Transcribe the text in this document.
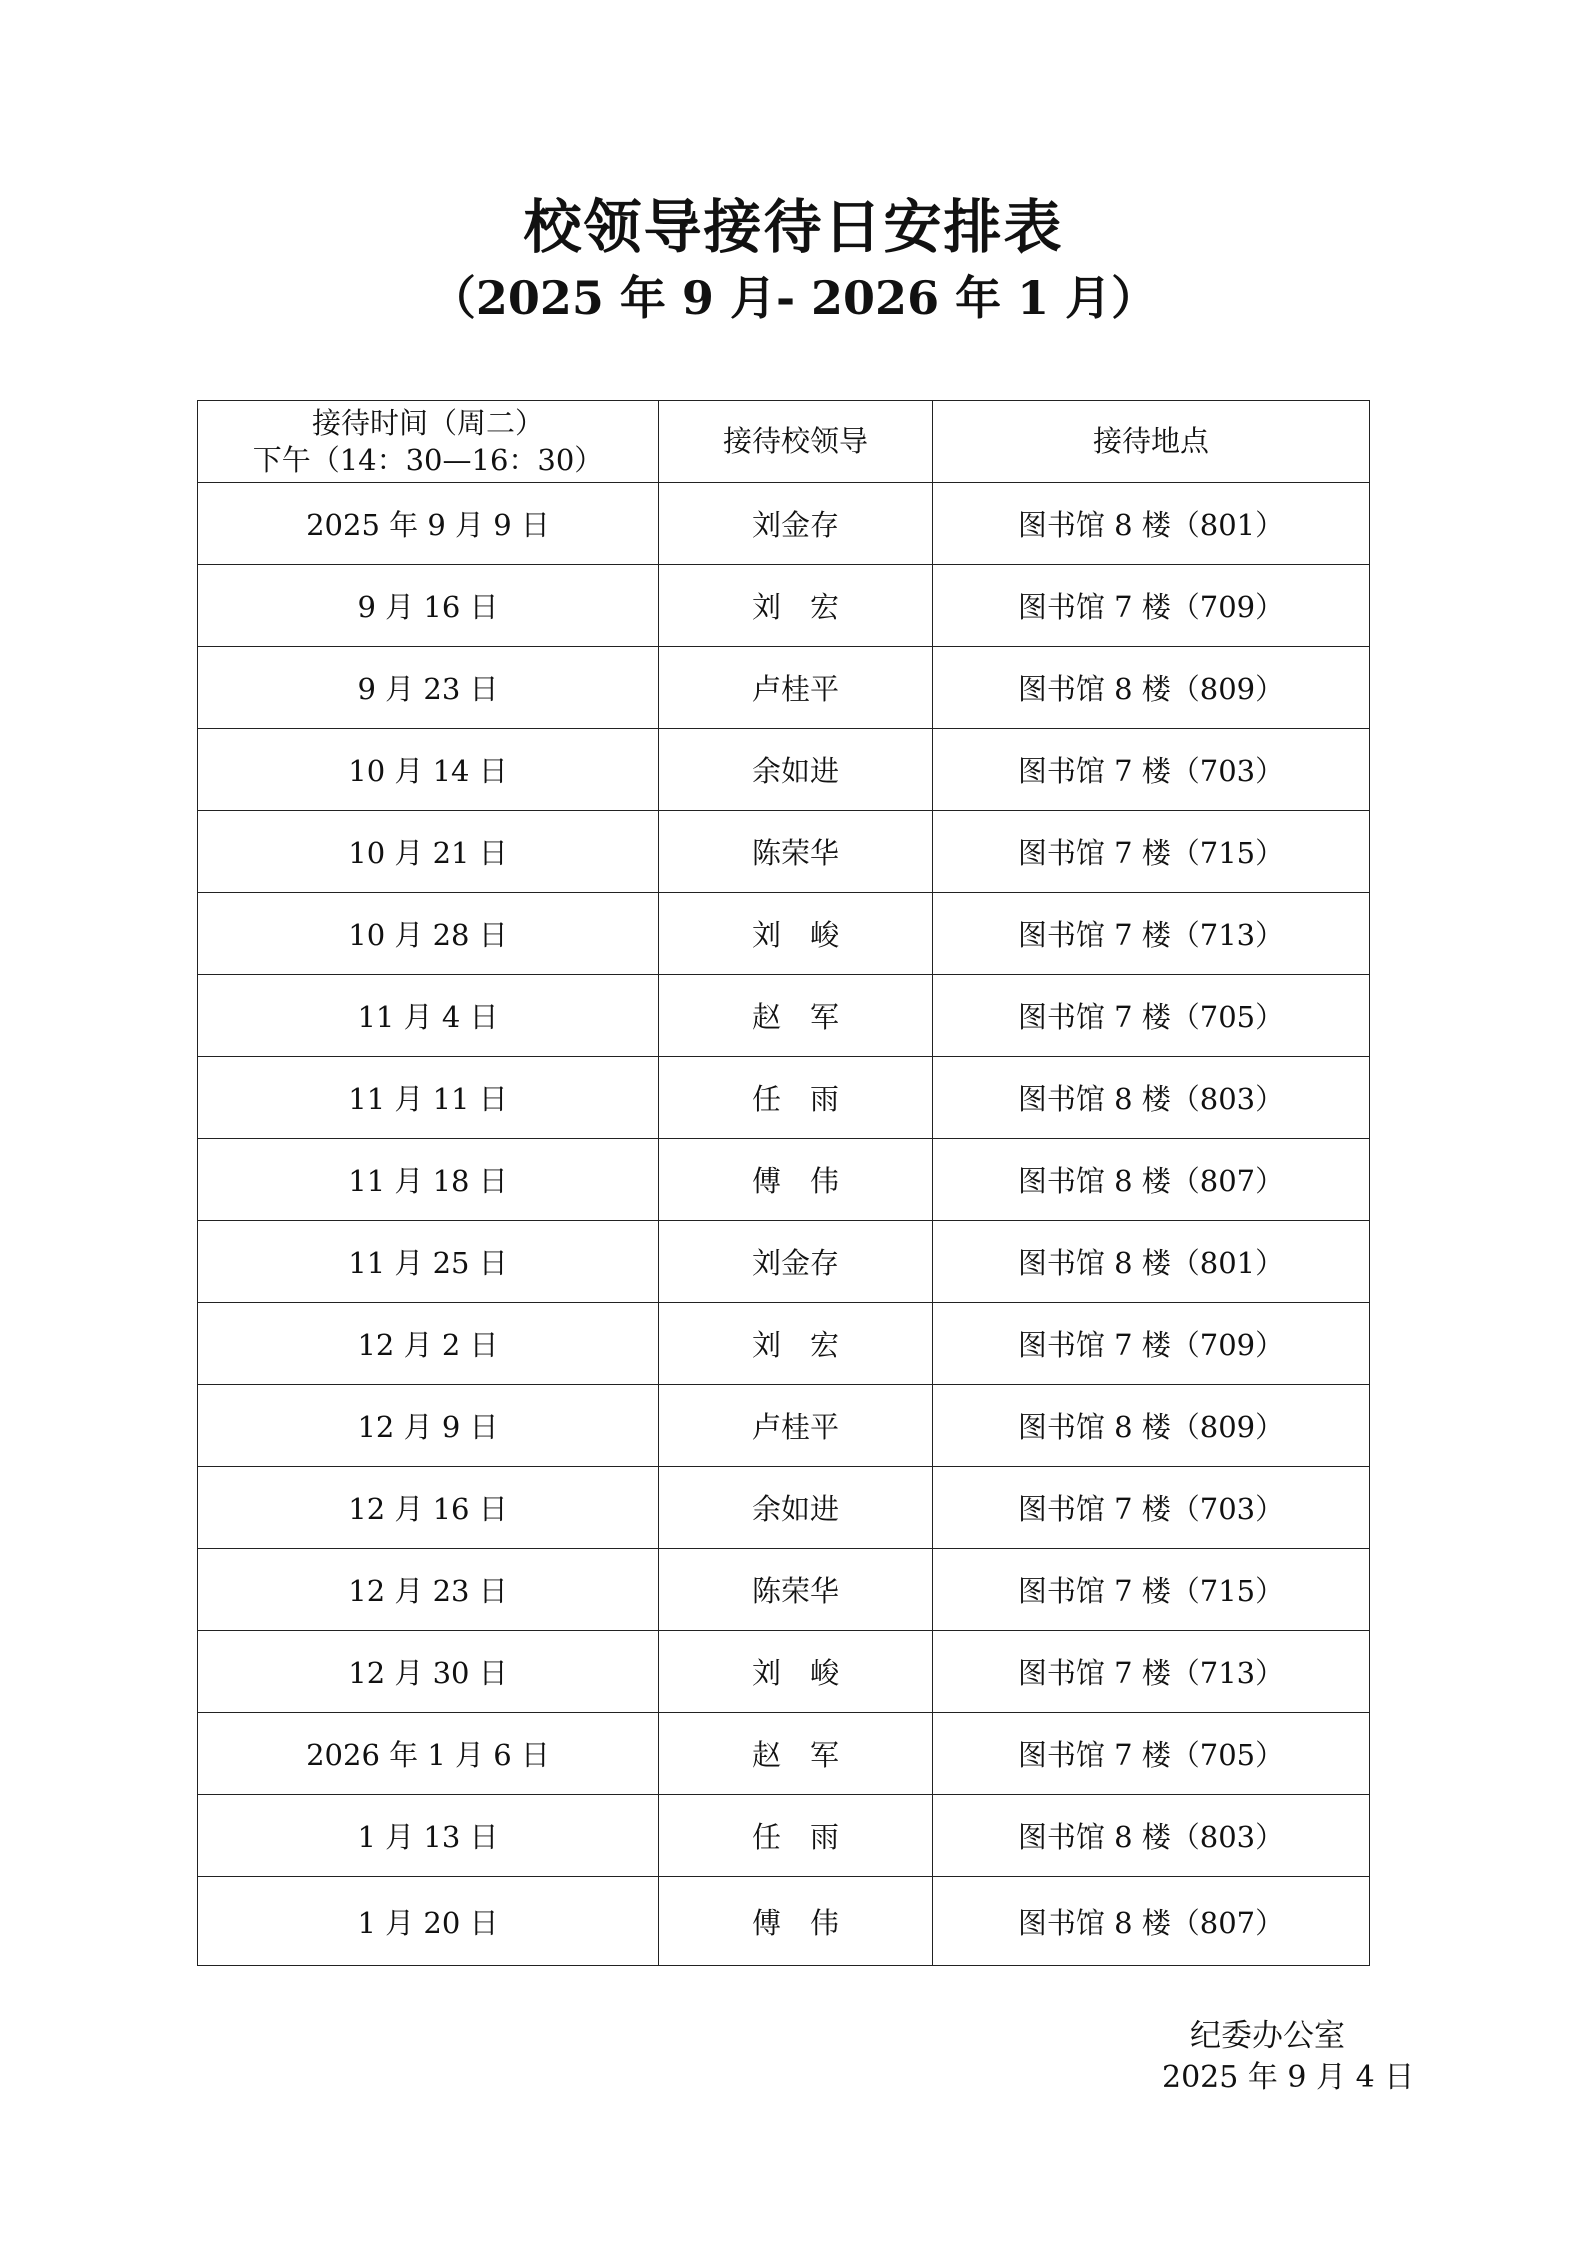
校领导接待日安排表
（2025 年 9 月- 2026 年 1 月）
接待时间（周二）
下午（14：30—16：30）	接待校领导	接待地点
2025 年 9 月 9 日	刘金存	图书馆 8 楼（801）
9 月 16 日	刘　宏	图书馆 7 楼（709）
9 月 23 日	卢桂平	图书馆 8 楼（809）
10 月 14 日	余如进	图书馆 7 楼（703）
10 月 21 日	陈荣华	图书馆 7 楼（715）
10 月 28 日	刘　峻	图书馆 7 楼（713）
11 月 4 日	赵　军	图书馆 7 楼（705）
11 月 11 日	任　雨	图书馆 8 楼（803）
11 月 18 日	傅　伟	图书馆 8 楼（807）
11 月 25 日	刘金存	图书馆 8 楼（801）
12 月 2 日	刘　宏	图书馆 7 楼（709）
12 月 9 日	卢桂平	图书馆 8 楼（809）
12 月 16 日	余如进	图书馆 7 楼（703）
12 月 23 日	陈荣华	图书馆 7 楼（715）
12 月 30 日	刘　峻	图书馆 7 楼（713）
2026 年 1 月 6 日	赵　军	图书馆 7 楼（705）
1 月 13 日	任　雨	图书馆 8 楼（803）
1 月 20 日	傅　伟	图书馆 8 楼（807）
纪委办公室
2025 年 9 月 4 日
